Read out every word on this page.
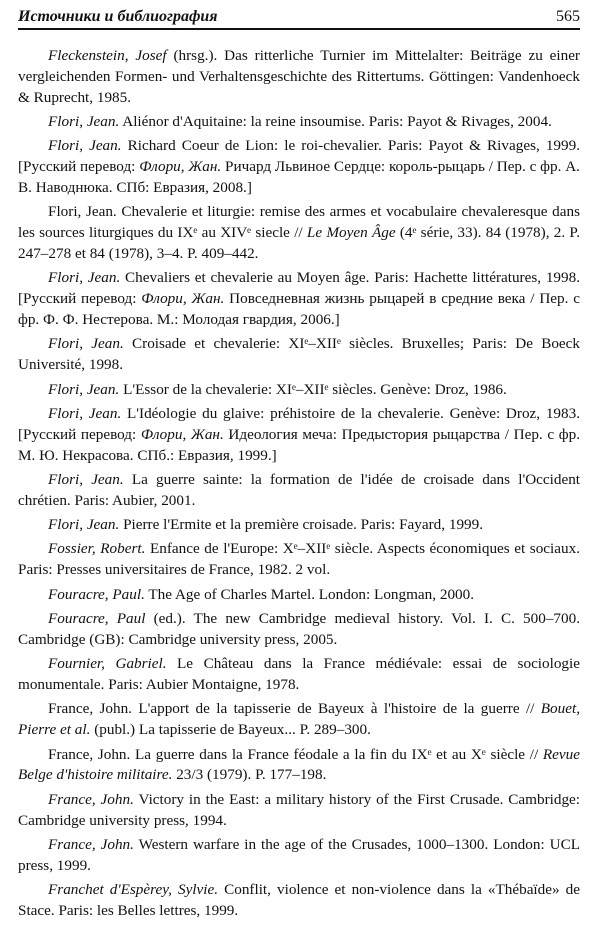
Источники и библиография	565

Fleckenstein, Josef (hrsg.). Das ritterliche Turnier im Mittelalter: Beiträge zu einer vergleichenden Formen- und Verhaltensgeschichte des Rittertums. Göttingen: Vandenhoeck & Ruprecht, 1985.

Flori, Jean. Aliénor d'Aquitaine: la reine insoumise. Paris: Payot & Rivages, 2004.

Flori, Jean. Richard Coeur de Lion: le roi-chevalier. Paris: Payot & Rivages, 1999. [Русский перевод: Флори, Жан. Ричард Львиное Сердце: король-рыцарь / Пер. с фр. А. В. Наводнюка. СПб: Евразия, 2008.]

Flori, Jean. Chevalerie et liturgie: remise des armes et vocabulaire chevaleresque dans les sources liturgiques du IXᵉ au XIVᵉ siecle // Le Moyen Âge (4ᵉ série, 33). 84 (1978), 2. P. 247–278 et 84 (1978), 3–4. P. 409–442.

Flori, Jean. Chevaliers et chevalerie au Moyen âge. Paris: Hachette littératures, 1998. [Русский перевод: Флори, Жан. Повседневная жизнь рыцарей в средние века / Пер. с фр. Ф. Ф. Нестерова. М.: Молодая гвардия, 2006.]

Flori, Jean. Croisade et chevalerie: XIᵉ–XIIᵉ siècles. Bruxelles; Paris: De Boeck Université, 1998.

Flori, Jean. L'Essor de la chevalerie: XIᵉ–XIIᵉ siècles. Genève: Droz, 1986.

Flori, Jean. L'Idéologie du glaive: préhistoire de la chevalerie. Genève: Droz, 1983. [Русский перевод: Флори, Жан. Идеология меча: Предыстория рыцарства / Пер. с фр. М. Ю. Некрасова. СПб.: Евразия, 1999.]

Flori, Jean. La guerre sainte: la formation de l'idée de croisade dans l'Occident chrétien. Paris: Aubier, 2001.

Flori, Jean. Pierre l'Ermite et la première croisade. Paris: Fayard, 1999.

Fossier, Robert. Enfance de l'Europe: Xᵉ–XIIᵉ siècle. Aspects économiques et sociaux. Paris: Presses universitaires de France, 1982. 2 vol.

Fouracre, Paul. The Age of Charles Martel. London: Longman, 2000.

Fouracre, Paul (ed.). The new Cambridge medieval history. Vol. I. C. 500–700. Cambridge (GB): Cambridge university press, 2005.

Fournier, Gabriel. Le Château dans la France médiévale: essai de sociologie monumentale. Paris: Aubier Montaigne, 1978.

France, John. L'apport de la tapisserie de Bayeux à l'histoire de la guerre // Bouet, Pierre et al. (publ.) La tapisserie de Bayeux... P. 289–300.

France, John. La guerre dans la France féodale a la fin du IXᵉ et au Xᵉ siècle // Revue Belge d'histoire militaire. 23/3 (1979). P. 177–198.

France, John. Victory in the East: a military history of the First Crusade. Cambridge: Cambridge university press, 1994.

France, John. Western warfare in the age of the Crusades, 1000–1300. London: UCL press, 1999.

Franchet d'Espèrey, Sylvie. Conflit, violence et non-violence dans la «Thébaïde» de Stace. Paris: les Belles lettres, 1999.
